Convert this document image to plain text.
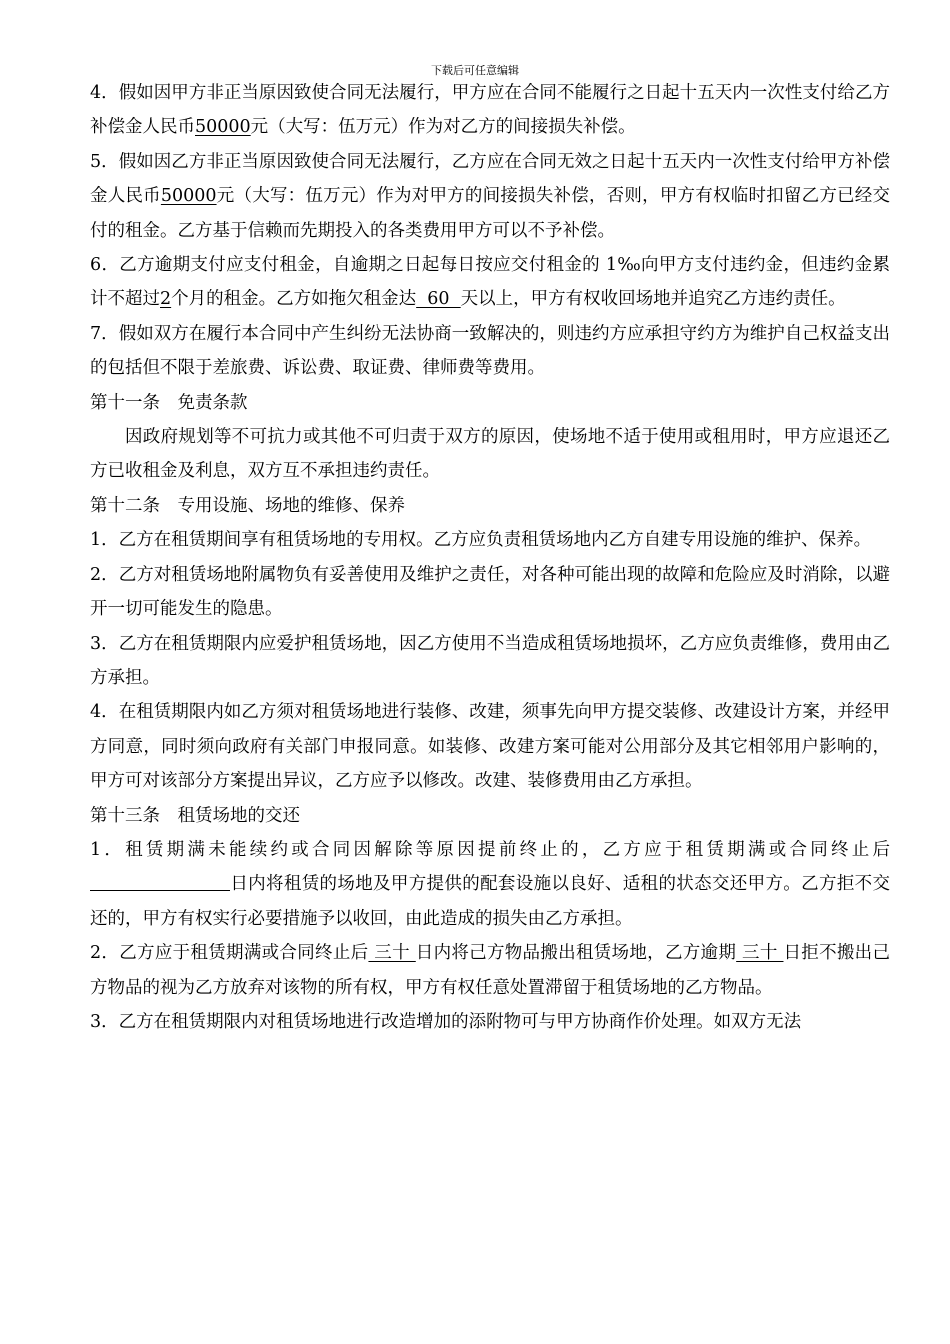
下载后可任意编辑

4．假如因甲方非正当原因致使合同无法履行，甲方应在合同不能履行之日起十五天内一次性支付给乙方补偿金人民币50000元（大写：伍万元）作为对乙方的间接损失补偿。

5．假如因乙方非正当原因致使合同无法履行，乙方应在合同无效之日起十五天内一次性支付给甲方补偿金人民币50000元（大写：伍万元）作为对甲方的间接损失补偿，否则，甲方有权临时扣留乙方已经交付的租金。乙方基于信赖而先期投入的各类费用甲方可以不予补偿。

6．乙方逾期支付应支付租金，自逾期之日起每日按应交付租金的 1‰向甲方支付违约金，但违约金累计不超过2个月的租金。乙方如拖欠租金达  60  天以上，甲方有权收回场地并追究乙方违约责任。

7．假如双方在履行本合同中产生纠纷无法协商一致解决的，则违约方应承担守约方为维护自己权益支出的包括但不限于差旅费、诉讼费、取证费、律师费等费用。

第十一条　免责条款

因政府规划等不可抗力或其他不可归责于双方的原因，使场地不适于使用或租用时，甲方应退还乙方已收租金及利息，双方互不承担违约责任。

第十二条　专用设施、场地的维修、保养

1．乙方在租赁期间享有租赁场地的专用权。乙方应负责租赁场地内乙方自建专用设施的维护、保养。

2．乙方对租赁场地附属物负有妥善使用及维护之责任，对各种可能出现的故障和危险应及时消除，以避开一切可能发生的隐患。

3．乙方在租赁期限内应爱护租赁场地，因乙方使用不当造成租赁场地损坏，乙方应负责维修，费用由乙方承担。

4．在租赁期限内如乙方须对租赁场地进行装修、改建，须事先向甲方提交装修、改建设计方案，并经甲方同意，同时须向政府有关部门申报同意。如装修、改建方案可能对公用部分及其它相邻用户影响的，甲方可对该部分方案提出异议，乙方应予以修改。改建、装修费用由乙方承担。

第十三条　租赁场地的交还

1．租赁期满未能续约或合同因解除等原因提前终止的，乙方应于租赁期满或合同终止后日内将租赁的场地及甲方提供的配套设施以良好、适租的状态交还甲方。乙方拒不交还的，甲方有权实行必要措施予以收回，由此造成的损失由乙方承担。

2．乙方应于租赁期满或合同终止后 三十 日内将己方物品搬出租赁场地，乙方逾期 三十 日拒不搬出己方物品的视为乙方放弃对该物的所有权，甲方有权任意处置滞留于租赁场地的乙方物品。

3．乙方在租赁期限内对租赁场地进行改造增加的添附物可与甲方协商作价处理。如双方无法
